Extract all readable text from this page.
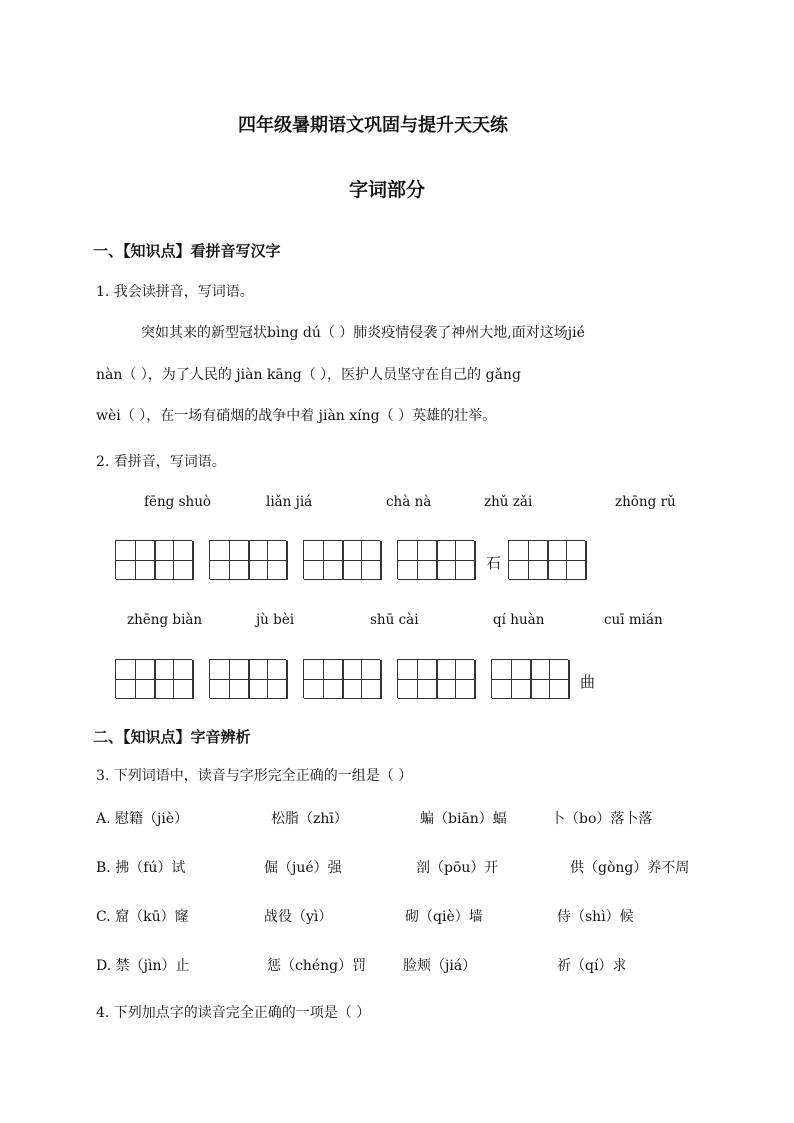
四年级暑期语文巩固与提升天天练
字词部分
一、【知识点】看拼音写汉字
1. 我会读拼音，写词语。
突如其来的新型冠状bìng dú（ ）肺炎疫情侵袭了神州大地,面对这场jié
nàn（ ），为了人民的 jiàn kāng（ ），医护人员坚守在自己的 gǎng
wèi（ ），在一场有硝烟的战争中着 jiàn xíng（ ）英雄的壮举。
2. 看拼音，写词语。
fēng shuò	liǎn jiá	chà nà	zhǔ zǎi	zhōng rǔ
石
zhēng biàn	jù bèi	shū cài	qí huàn	cuī mián
曲
二、【知识点】字音辨析
3. 下列词语中，读音与字形完全正确的一组是（ ）
A. 慰籍（jiè）	松脂（zhī）	蝙（biān）蝠	卜（bo）落卜落
B. 拂（fú）试	倔（jué）强	剖（pōu）开	供（gòng）养不周
C. 窟（kū）窿	战役（yì）	砌（qiè）墙	侍（shì）候
D. 禁（jìn）止	惩（chéng）罚	脸颊（jiá）	祈（qí）求
4. 下列加点字的读音完全正确的一项是（ ）
